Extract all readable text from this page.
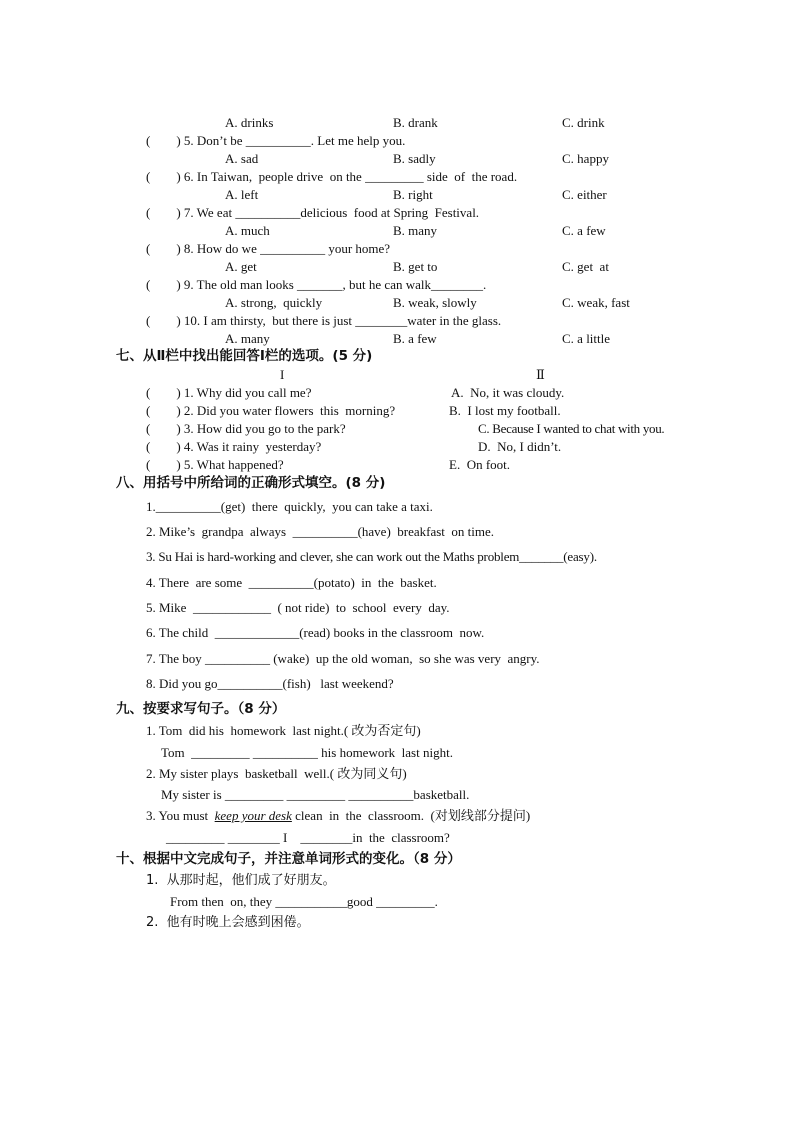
A. drinks	B. drank	C. drink
(        ) 5. Don’t be __________. Let me help you.
A. sad	B. sadly	C. happy
(        ) 6. In Taiwan,  people drive  on the _________ side  of  the road.
A. left	B. right	C. either
(        ) 7. We eat __________delicious  food at Spring  Festival.
A. much	B. many	C. a few
(        ) 8. How do we __________ your home?
A. get	B. get to	C. get  at
(        ) 9. The old man looks _______, but he can walk________.
A. strong,  quickly	B. weak, slowly	C. weak, fast
(        ) 10. I am thirsty,  but there is just ________water in the glass.
A. many	B. a few	C. a little
七、从Ⅱ栏中找出能回答Ⅰ栏的选项。(5 分)
I	Ⅱ
(        ) 1. Why did you call me?	A.  No, it was cloudy.
(        ) 2. Did you water flowers  this  morning?	B.  I lost my football.
(        ) 3. How did you go to the park?	C. Because I wanted to chat with you.
(        ) 4. Was it rainy  yesterday?	D.  No, I didn’t.
(        ) 5. What happened?	E.  On foot.
八、用括号中所给词的正确形式填空。(8 分)
1.__________(get)  there  quickly,  you can take a taxi.
2. Mike’s  grandpa  always  __________(have)  breakfast  on time.
3. Su Hai is hard-working and clever, she can work out the Maths problem_______(easy).
4. There  are some  __________(potato)  in  the  basket.
5. Mike  ____________  ( not ride)  to  school  every  day.
6. The child  _____________(read) books in the classroom  now.
7. The boy __________ (wake)  up the old woman,  so she was very  angry.
8. Did you go__________(fish)   last weekend?
九、按要求写句子。（8 分）
1. Tom  did his  homework  last night.( 改为否定句)
Tom  _________ __________ his homework  last night.
2. My sister plays  basketball  well.( 改为同义句)
My sister is _________ _________ __________basketball.
3. You must  keep your desk clean  in  the  classroom.  (对划线部分提问)
_________ ________ I    ________in  the  classroom?
十、根据中文完成句子，并注意单词形式的变化。（8 分）
1.  从那时起，他们成了好朋友。
From then  on, they ___________good _________.
2.  他有时晚上会感到困倦。
